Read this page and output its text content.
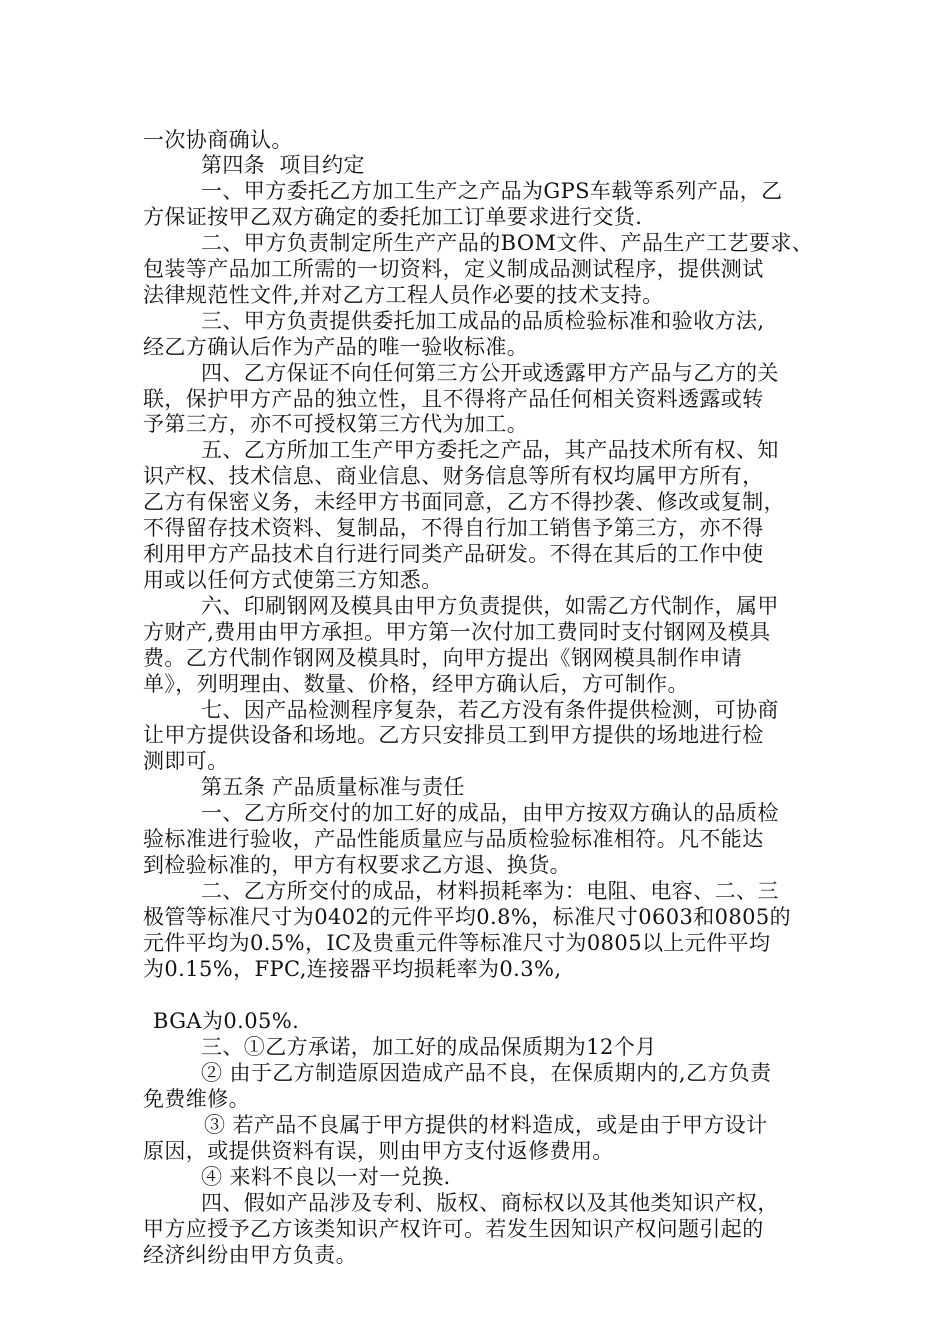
一次协商确认。
第四条  项目约定
一、甲方委托乙方加工生产之产品为GPS车载等系列产品，乙
方保证按甲乙双方确定的委托加工订单要求进行交货.
二、甲方负责制定所生产产品的BOM文件、产品生产工艺要求、
包装等产品加工所需的一切资料，定义制成品测试程序，提供测试
法律规范性文件,并对乙方工程人员作必要的技术支持。
三、甲方负责提供委托加工成品的品质检验标准和验收方法,
经乙方确认后作为产品的唯一验收标准。
四、乙方保证不向任何第三方公开或透露甲方产品与乙方的关
联，保护甲方产品的独立性，且不得将产品任何相关资料透露或转
予第三方，亦不可授权第三方代为加工。
五、乙方所加工生产甲方委托之产品，其产品技术所有权、知
识产权、技术信息、商业信息、财务信息等所有权均属甲方所有，
乙方有保密义务，未经甲方书面同意，乙方不得抄袭、修改或复制，
不得留存技术资料、复制品，不得自行加工销售予第三方，亦不得
利用甲方产品技术自行进行同类产品研发。不得在其后的工作中使
用或以任何方式使第三方知悉。
六、印刷钢网及模具由甲方负责提供，如需乙方代制作，属甲
方财产,费用由甲方承担。甲方第一次付加工费同时支付钢网及模具
费。乙方代制作钢网及模具时，向甲方提出《钢网模具制作申请
单》，列明理由、数量、价格，经甲方确认后，方可制作。
七、因产品检测程序复杂，若乙方没有条件提供检测，可协商
让甲方提供设备和场地。乙方只安排员工到甲方提供的场地进行检
测即可。
第五条 产品质量标准与责任
一、乙方所交付的加工好的成品，由甲方按双方确认的品质检
验标准进行验收，产品性能质量应与品质检验标准相符。凡不能达
到检验标准的，甲方有权要求乙方退、换货。
二、乙方所交付的成品，材料损耗率为：电阻、电容、二、三
极管等标准尺寸为0402的元件平均0.8%，标准尺寸0603和0805的
元件平均为0.5%，IC及贵重元件等标准尺寸为0805以上元件平均
为0.15%，FPC,连接器平均损耗率为0.3%,
BGA为0.05%.
三、①乙方承诺，加工好的成品保质期为12个月
② 由于乙方制造原因造成产品不良，在保质期内的,乙方负责
免费维修。
③ 若产品不良属于甲方提供的材料造成，或是由于甲方设计
原因，或提供资料有误，则由甲方支付返修费用。
④ 来料不良以一对一兑换.
四、假如产品涉及专利、版权、商标权以及其他类知识产权，
甲方应授予乙方该类知识产权许可。若发生因知识产权问题引起的
经济纠纷由甲方负责。
